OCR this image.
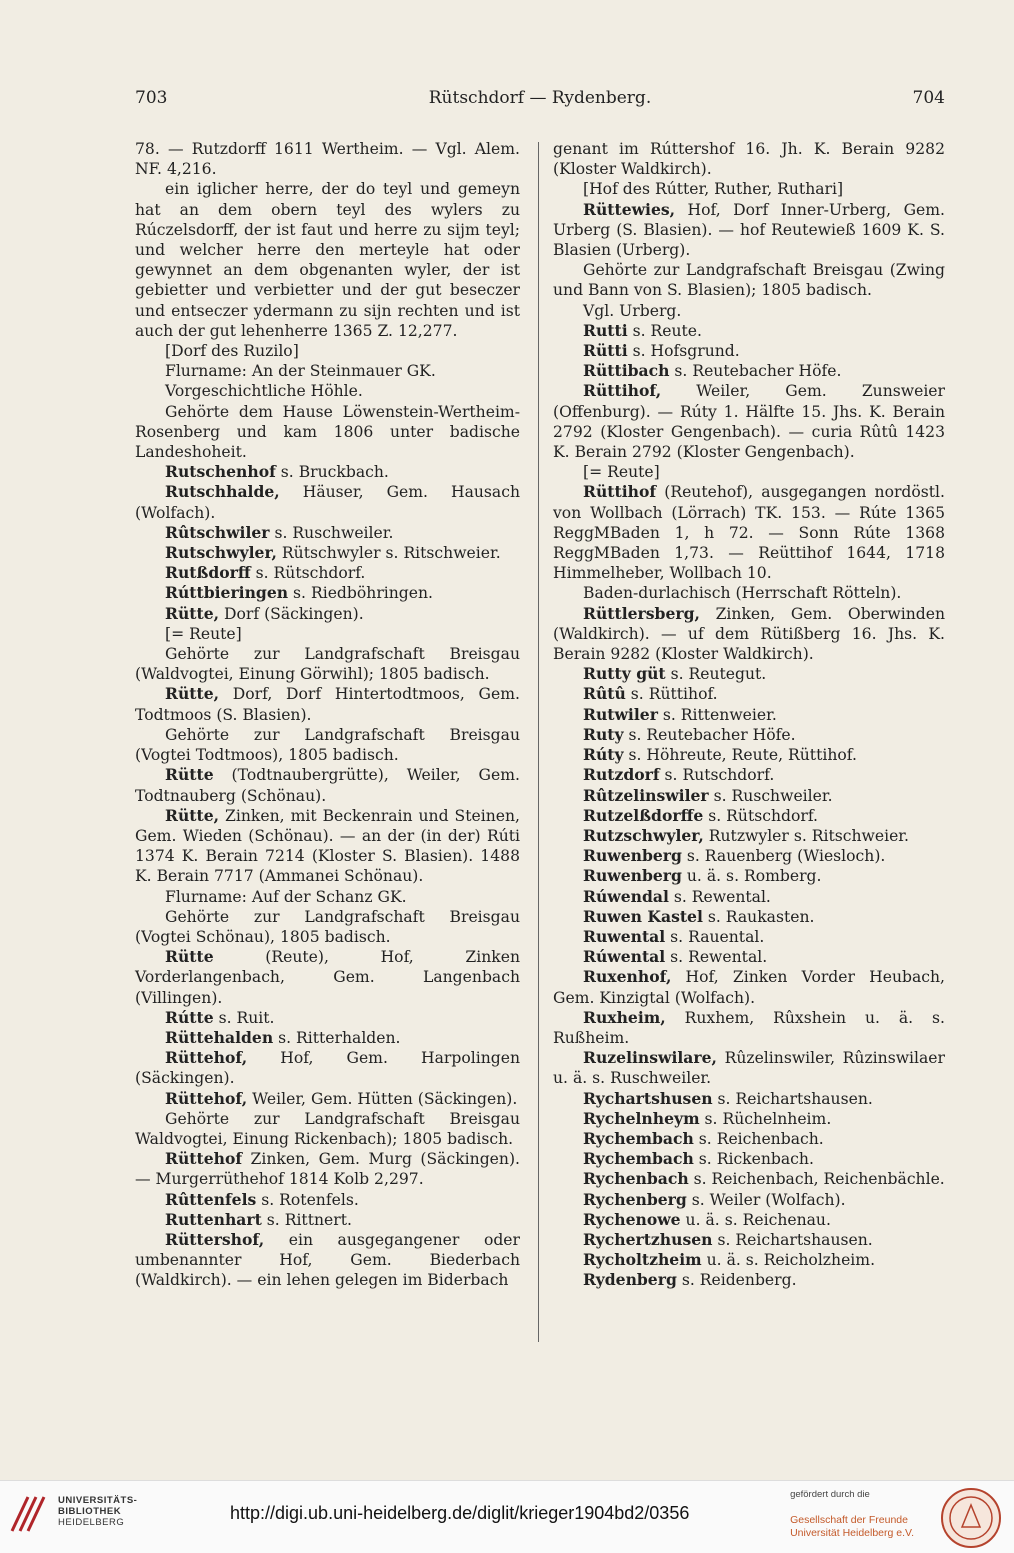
703	Rütschdorf — Rydenberg.	704

78. — Rutzdorff 1611 Wertheim. — Vgl. Alem. NF. 4,216.

ein iglicher herre, der do teyl und gemeyn hat an dem obern teyl des wylers zu Rúczelsdorff, der ist faut und herre zu sijm teyl; und welcher herre den merteyle hat oder gewynnet an dem obgenanten wyler, der ist gebietter und verbietter und der gut beseczer und entseczer ydermann zu sijn rechten und ist auch der gut lehenherre 1365 Z. 12,277.

[Dorf des Ruzilo]

Flurname: An der Steinmauer GK.

Vorgeschichtliche Höhle.

Gehörte dem Hause Löwenstein-Wertheim-Rosenberg und kam 1806 unter badische Landeshoheit.

Rutschenhof s. Bruckbach.

Rutschhalde, Häuser, Gem. Hausach (Wolfach).

Rûtschwiler s. Ruschweiler.

Rutschwyler, Rütschwyler s. Ritschweier.

Rutßdorff s. Rütschdorf.

Rúttbieringen s. Riedböhringen.

Rütte, Dorf (Säckingen).

[= Reute]

Gehörte zur Landgrafschaft Breisgau (Waldvogtei, Einung Görwihl); 1805 badisch.

Rütte, Dorf, Dorf Hintertodtmoos, Gem. Todtmoos (S. Blasien).

Gehörte zur Landgrafschaft Breisgau (Vogtei Todtmoos), 1805 badisch.

Rütte (Todtnaubergrütte), Weiler, Gem. Todtnauberg (Schönau).

Rütte, Zinken, mit Beckenrain und Steinen, Gem. Wieden (Schönau). — an der (in der) Rúti 1374 K. Berain 7214 (Kloster S. Blasien). 1488 K. Berain 7717 (Ammanei Schönau).

Flurname: Auf der Schanz GK.

Gehörte zur Landgrafschaft Breisgau (Vogtei Schönau), 1805 badisch.

Rütte (Reute), Hof, Zinken Vorderlangenbach, Gem. Langenbach (Villingen).

Rútte s. Ruit.

Rüttehalden s. Ritterhalden.

Rüttehof, Hof, Gem. Harpolingen (Säckingen).

Rüttehof, Weiler, Gem. Hütten (Säckingen).

Gehörte zur Landgrafschaft Breisgau Waldvogtei, Einung Rickenbach); 1805 badisch.

Rüttehof Zinken, Gem. Murg (Säckingen). — Murgerrüthehof 1814 Kolb 2,297.

Rûttenfels s. Rotenfels.

Ruttenhart s. Rittnert.

Rüttershof, ein ausgegangener oder umbenannter Hof, Gem. Biederbach (Waldkirch). — ein lehen gelegen im Biderbach

genant im Rúttershof 16. Jh. K. Berain 9282 (Kloster Waldkirch).

[Hof des Rútter, Ruther, Ruthari]

Rüttewies, Hof, Dorf Inner-Urberg, Gem. Urberg (S. Blasien). — hof Reutewieß 1609 K. S. Blasien (Urberg).

Gehörte zur Landgrafschaft Breisgau (Zwing und Bann von S. Blasien); 1805 badisch.

Vgl. Urberg.

Rutti s. Reute.

Rütti s. Hofsgrund.

Rüttibach s. Reutebacher Höfe.

Rüttihof, Weiler, Gem. Zunsweier (Offenburg). — Rúty 1. Hälfte 15. Jhs. K. Berain 2792 (Kloster Gengenbach). — curia Rûtû 1423 K. Berain 2792 (Kloster Gengenbach).

[= Reute]

Rüttihof (Reutehof), ausgegangen nordöstl. von Wollbach (Lörrach) TK. 153. — Rúte 1365 ReggMBaden 1, h 72. — Sonn Rúte 1368 ReggMBaden 1,73. — Reüttihof 1644, 1718 Himmelheber, Wollbach 10.

Baden-durlachisch (Herrschaft Rötteln).

Rüttlersberg, Zinken, Gem. Oberwinden (Waldkirch). — uf dem Rütißberg 16. Jhs. K. Berain 9282 (Kloster Waldkirch).

Rutty güt s. Reutegut.

Rûtû s. Rüttihof.

Rutwiler s. Rittenweier.

Ruty s. Reutebacher Höfe.

Rúty s. Höhreute, Reute, Rüttihof.

Rutzdorf s. Rutschdorf.

Rûtzelinswiler s. Ruschweiler.

Rutzelßdorffe s. Rütschdorf.

Rutzschwyler, Rutzwyler s. Ritschweier.

Ruwenberg s. Rauenberg (Wiesloch).

Ruwenberg u. ä. s. Romberg.

Rúwendal s. Rewental.

Ruwen Kastel s. Raukasten.

Ruwental s. Rauental.

Rúwental s. Rewental.

Ruxenhof, Hof, Zinken Vorder Heubach, Gem. Kinzigtal (Wolfach).

Ruxheim, Ruxhem, Rûxshein u. ä. s. Rußheim.

Ruzelinswilare, Rûzelinswiler, Rûzinswilaer u. ä. s. Ruschweiler.

Rychartshusen s. Reichartshausen.

Rychelnheym s. Rüchelnheim.

Rychembach s. Reichenbach.

Rychembach s. Rickenbach.

Rychenbach s. Reichenbach, Reichenbächle.

Rychenberg s. Weiler (Wolfach).

Rychenowe u. ä. s. Reichenau.

Rychertzhusen s. Reichartshausen.

Rycholtzheim u. ä. s. Reicholzheim.

Rydenberg s. Reidenberg.

UNIVERSITÄTS-
BIBLIOTHEK
HEIDELBERG	http://digi.ub.uni-heidelberg.de/diglit/krieger1904bd2/0356
gefördert durch die
Gesellschaft der Freunde
Universität Heidelberg e.V.
